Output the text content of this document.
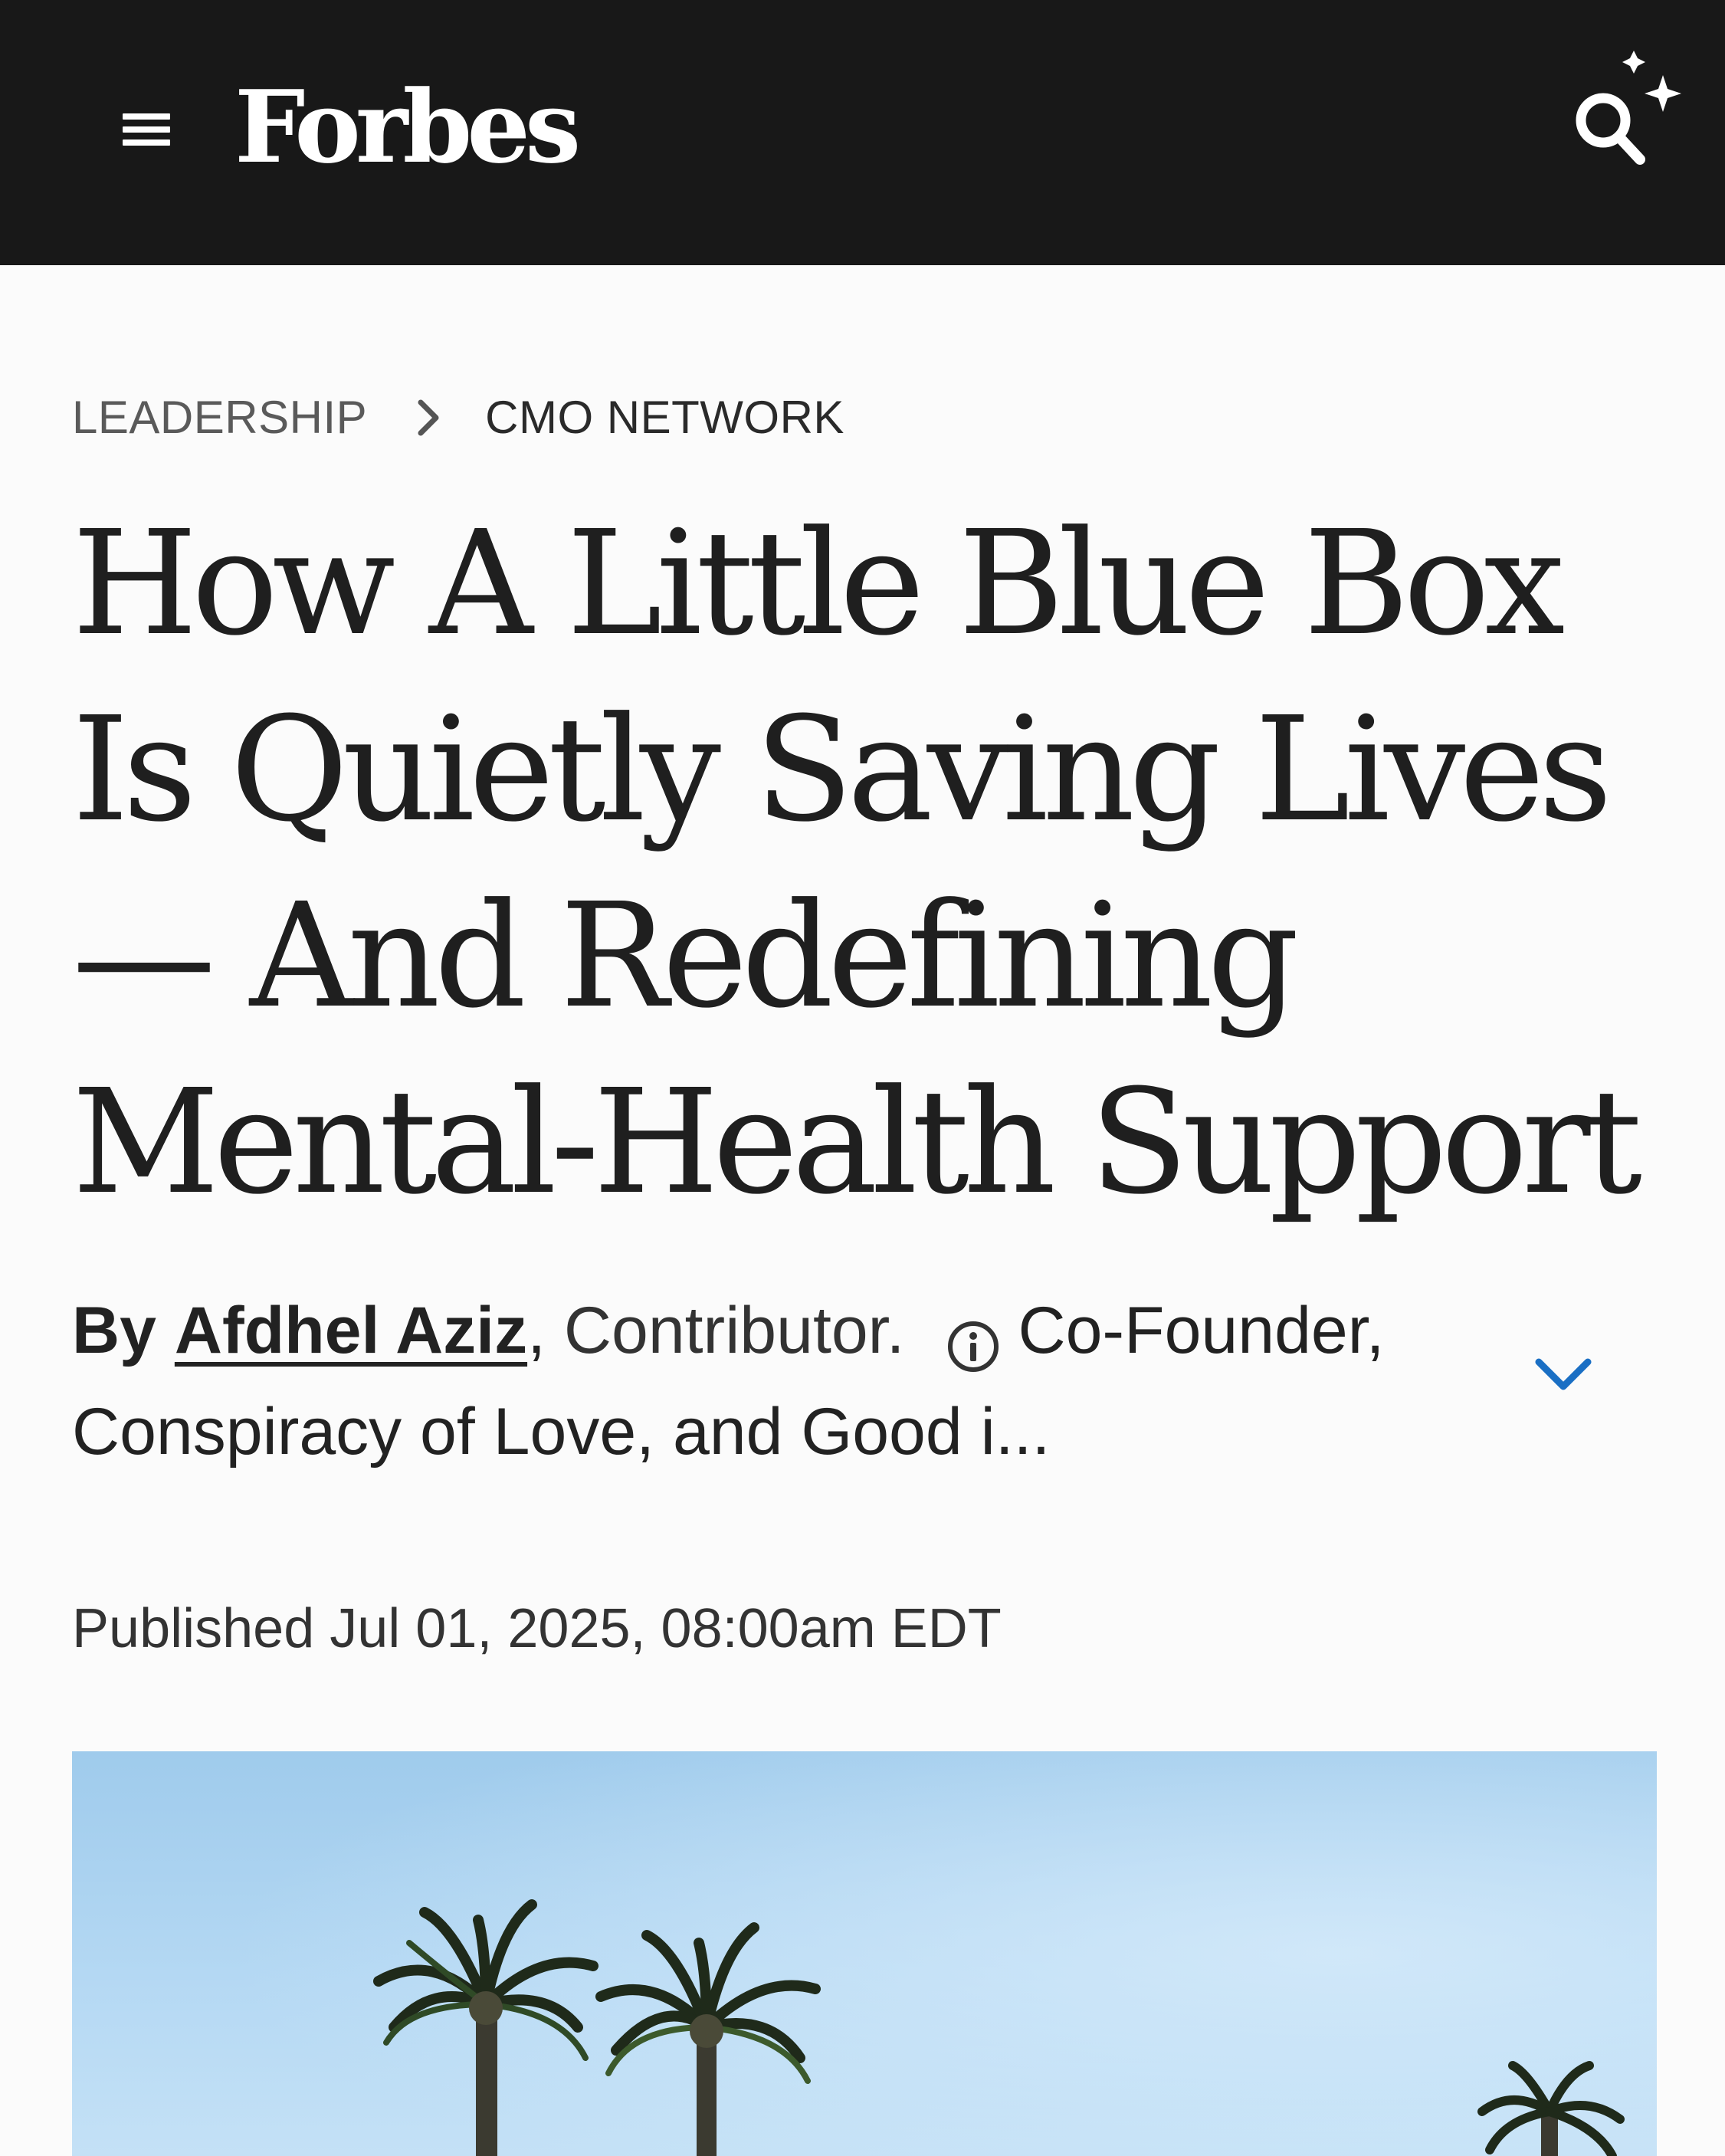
Forbes
LEADERSHIP	CMO NETWORK
How A Little Blue Box Is Quietly Saving Lives — And Redefining Mental-Health Support
By Afdhel Aziz, Contributor. Co-Founder, Conspiracy of Love, and Good i...
Published Jul 01, 2025, 08:00am EDT
